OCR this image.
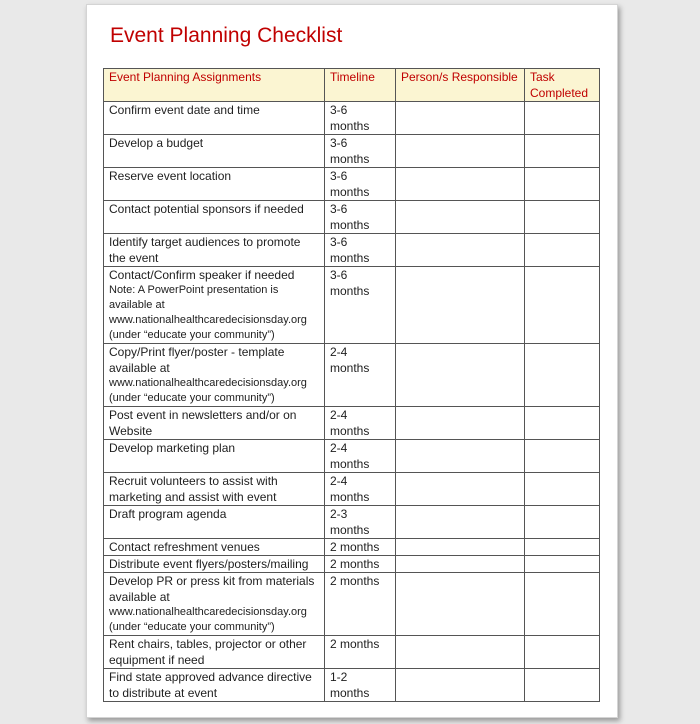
Event Planning Checklist
Event Planning Assignments	Timeline	Person/s Responsible	Task Completed

Confirm event date and time	3-6 months		

Develop a budget	3-6 months		

Reserve event location	3-6 months		

Contact potential sponsors if needed	3-6 months		

Identify target audiences to promote the event	3-6 months		

Contact/Confirm speaker if needed
Note: A PowerPoint presentation is
available at
www.nationalhealthcaredecisionsday.org
(under “educate your community”)	3-6 months		

Copy/Print flyer/poster - template available at
www.nationalhealthcaredecisionsday.org
(under “educate your community”)	2-4 months		

Post event in newsletters and/or on Website	2-4 months		

Develop marketing plan	2-4 months		

Recruit volunteers to assist with marketing and assist with event	2-4 months		

Draft program agenda	2-3 months		

Contact refreshment venues	2 months		

Distribute event flyers/posters/mailing	2 months		

Develop PR or press kit from materials available at
www.nationalhealthcaredecisionsday.org
(under “educate your community”)	2 months		

Rent chairs, tables, projector or other equipment if need	2 months		

Find state approved advance directive to distribute at event	1-2 months		
